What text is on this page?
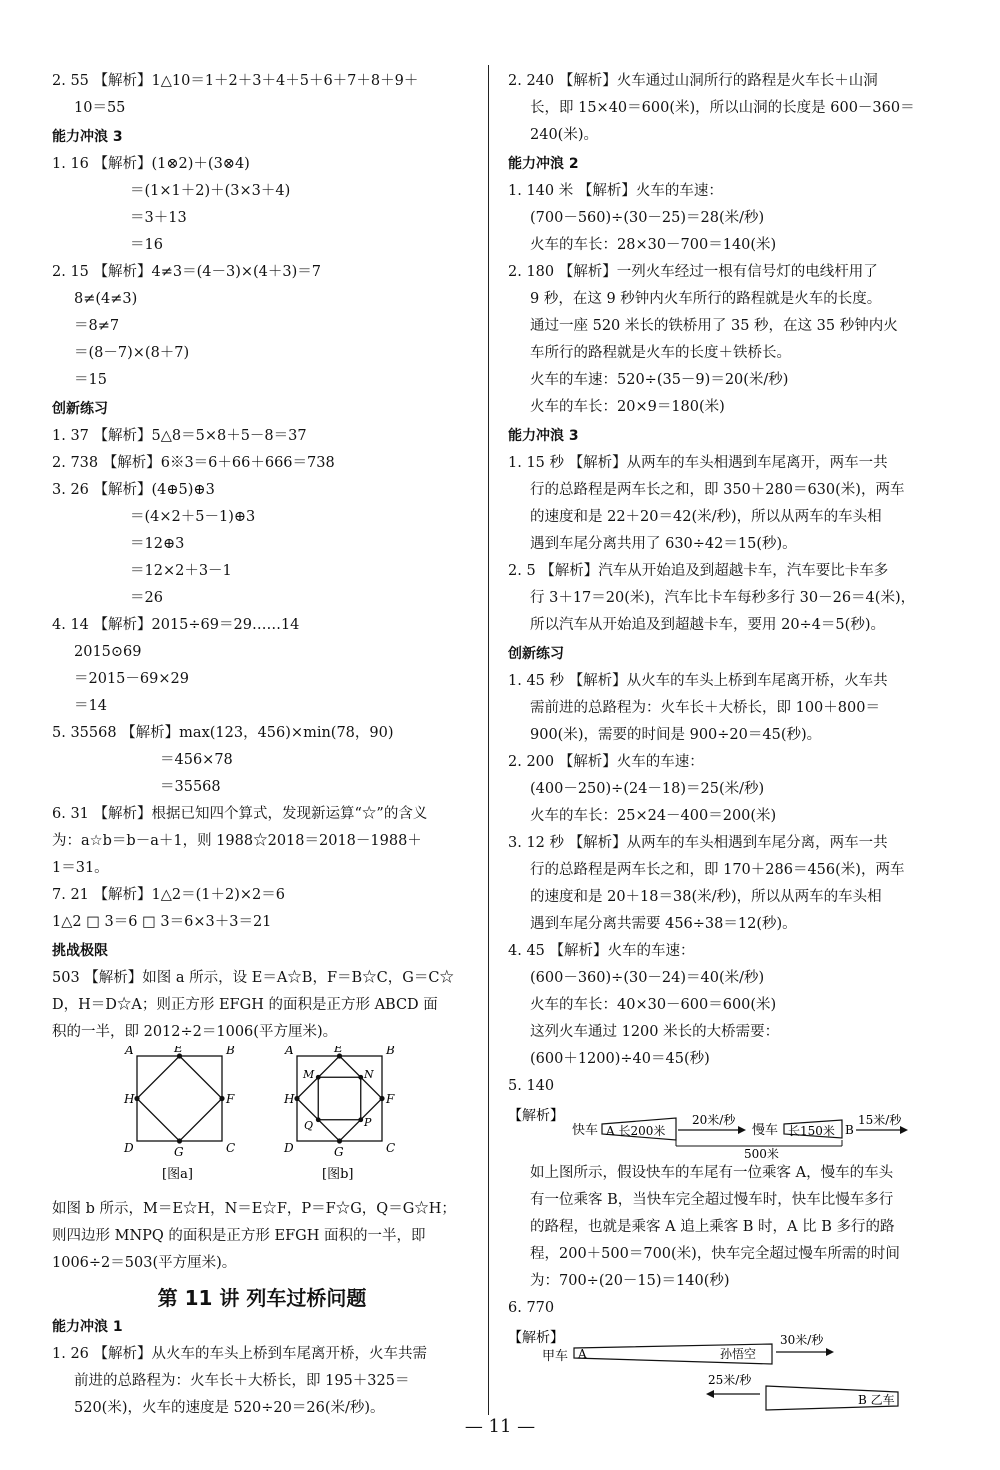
2. 55 【解析】1△10＝1＋2＋3＋4＋5＋6＋7＋8＋9＋
10＝55
能力冲浪 3
1. 16 【解析】(1⊗2)＋(3⊗4)
＝(1×1＋2)＋(3×3＋4)
＝3＋13
＝16
2. 15 【解析】4≠3＝(4－3)×(4＋3)＝7
8≠(4≠3)
＝8≠7
＝(8－7)×(8＋7)
＝15
创新练习
1. 37 【解析】5△8＝5×8＋5－8＝37
2. 738 【解析】6※3＝6＋66＋666＝738
3. 26 【解析】(4⊕5)⊕3
＝(4×2＋5－1)⊕3
＝12⊕3
＝12×2＋3－1
＝26
4. 14 【解析】2015÷69＝29……14
2015⊙69
＝2015－69×29
＝14
5. 35568 【解析】max(123，456)×min(78，90)
＝456×78
＝35568
6. 31 【解析】根据已知四个算式，发现新运算“☆”的含义
为：a☆b＝b－a＋1，则 1988☆2018＝2018－1988＋
1＝31。
7. 21 【解析】1△2＝(1＋2)×2＝6
1△2 □ 3＝6 □ 3＝6×3＋3＝21
挑战极限
503 【解析】如图 a 所示，设 E＝A☆B，F＝B☆C，G＝C☆
D，H＝D☆A；则正方形 EFGH 的面积是正方形 ABCD 面
积的一半，即 2012÷2＝1006(平方厘米)。
A	E	B
H	F
D	G	C
[图a]
A	E	B
M	N
H	F
Q	P
D	G	C
[图b]
如图 b 所示，M＝E☆H，N＝E☆F，P＝F☆G，Q＝G☆H；
则四边形 MNPQ 的面积是正方形 EFGH 面积的一半，即
1006÷2＝503(平方厘米)。
第 11 讲 列车过桥问题
能力冲浪 1
1. 26 【解析】从火车的车头上桥到车尾离开桥，火车共需
前进的总路程为：火车长＋大桥长，即 195＋325＝
520(米)，火车的速度是 520÷20＝26(米/秒)。
2. 240 【解析】火车通过山洞所行的路程是火车长＋山洞
长，即 15×40＝600(米)，所以山洞的长度是 600－360＝
240(米)。
能力冲浪 2
1. 140 米 【解析】火车的车速：
(700－560)÷(30－25)＝28(米/秒)
火车的车长：28×30－700＝140(米)
2. 180 【解析】一列火车经过一根有信号灯的电线杆用了
9 秒，在这 9 秒钟内火车所行的路程就是火车的长度。
通过一座 520 米长的铁桥用了 35 秒，在这 35 秒钟内火
车所行的路程就是火车的长度＋铁桥长。
火车的车速：520÷(35－9)＝20(米/秒)
火车的车长：20×9＝180(米)
能力冲浪 3
1. 15 秒 【解析】从两车的车头相遇到车尾离开，两车一共
行的总路程是两车长之和，即 350＋280＝630(米)，两车
的速度和是 22＋20＝42(米/秒)，所以从两车的车头相
遇到车尾分离共用了 630÷42＝15(秒)。
2. 5 【解析】汽车从开始追及到超越卡车，汽车要比卡车多
行 3＋17＝20(米)，汽车比卡车每秒多行 30－26＝4(米)，
所以汽车从开始追及到超越卡车，要用 20÷4＝5(秒)。
创新练习
1. 45 秒 【解析】从火车的车头上桥到车尾离开桥，火车共
需前进的总路程为：火车长＋大桥长，即 100＋800＝
900(米)，需要的时间是 900÷20＝45(秒)。
2. 200 【解析】火车的车速：
(400－250)÷(24－18)＝25(米/秒)
火车的车长：25×24－400＝200(米)
3. 12 秒 【解析】从两车的车头相遇到车尾分离，两车一共
行的总路程是两车长之和，即 170＋286＝456(米)，两车
的速度和是 20＋18＝38(米/秒)，所以从两车的车头相
遇到车尾分离共需要 456÷38＝12(秒)。
4. 45 【解析】火车的车速：
(600－360)÷(30－24)＝40(米/秒)
火车的车长：40×30－600＝600(米)
这列火车通过 1200 米长的大桥需要：
(600＋1200)÷40＝45(秒)
5. 140
【解析】
快车 A 长200米
20米/秒
慢车 长150米 B
15米/秒
500米
如上图所示，假设快车的车尾有一位乘客 A，慢车的车头
有一位乘客 B，当快车完全超过慢车时，快车比慢车多行
的路程，也就是乘客 A 追上乘客 B 时，A 比 B 多行的路
程，200＋500＝700(米)，快车完全超过慢车所需的时间
为：700÷(20－15)＝140(秒)
6. 770
【解析】
甲车 A	孙悟空
30米/秒
25米/秒
B 乙车
— 11 —
